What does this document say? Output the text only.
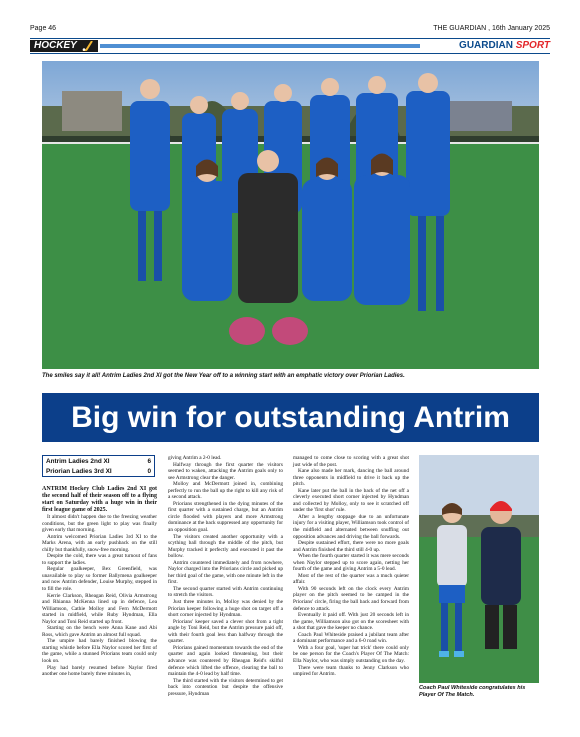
Page 46	THE GUARDIAN , 16th January 2025
HOCKEY	GUARDIAN SPORT
The smiles say it all! Antrim Ladies 2nd XI got the New Year off to a winning start with an emphatic victory over Priorian Ladies.
Big win for outstanding Antrim
Antrim Ladies 2nd XI	6
Priorian Ladies 3rd XI	0

ANTRIM Hockey Club Ladies 2nd XI got the second half of their season off to a flying start on Saturday with a huge win in their first league game of 2025.

It almost didn't happen due to the freezing weather conditions, but the green light to play was finally given early that morning.

Antrim welcomed Priorian Ladies 3rd XI to the Marks Arena, with an early pushback on the still chilly but thankfully, snow-free morning.

Despite the cold, there was a great turnout of fans to support the ladies.

Regular goalkeeper, Bex Greenfield, was unavailable to play so former Ballymena goalkeeper and now Antrim defender, Louise Murphy, stepped in to fill the role.

Kerrie Clarkson, Rheagan Reid, Olivia Armstrong and Rhianna McKenna lined up in defence, Lea Williamson, Cathie Molloy and Fern McDermott started in midfield, while Ruby Hyndman, Ella Naylor and Toni Reid started up front.

Starting on the bench were Anna Kane and Abi Ross, which gave Antrim an almost full squad.

The umpire had barely finished blowing the starting whistle before Ella Naylor scored her first of the game, while a stunned Priorians team could only look on.

Play had barely resumed before Naylor fired another one home barely three minutes in,

giving Antrim a 2-0 lead.

Halfway through the first quarter the visitors seemed to waken, attacking the Antrim goals only to see Armstrong clear the danger.

Molloy and McDermott joined in, combining perfectly to run the ball up the right to kill any risk of a second attack.

Priorians strengthened in the dying minutes of the first quarter with a sustained charge, but an Antrim circle flooded with players and more Armstrong dominance at the back suppressed any opportunity for an opposition goal.

The visitors created another opportunity with a scything ball through the middle of the pitch, but Murphy tracked it perfectly and executed it past the bollow.

Antrim countered immediately and from nowhere, Naylor charged into the Priorians circle and picked up her third goal of the game, with one minute left in the first.

The second quarter started with Antrim continuing to stretch the visitors.

Just three minutes in, Molloy was denied by the Priorian keeper following a huge shot on target off a short corner injected by Hyndman.

Priorians' keeper saved a clever shot from a tight angle by Toni Reid, but the Antrim pressure paid off, with their fourth goal less than halfway through the quarter.

Priorians gained momentum towards the end of the quarter and again looked threatening, but their advance was countered by Rheagan Reid's skilful defence which lifted the offence, clearing the ball to maintain the 4-0 lead by half time.

The third started with the visitors determined to get back into contention but despite the offensive pressure, Hyndman

managed to come close to scoring with a great shot just wide of the post.

Kane also made her mark, dancing the ball around three opponents in midfield to drive it back up the pitch.

Kane later put the ball in the back of the net off a cleverly executed short corner injected by Hyndman and collected by Molloy, only to see it scratched off under the 'first shot' rule.

After a lengthy stoppage due to an unfortunate injury for a visiting player, Williamson took control of the midfield and alternated between snuffing out opposition advances and driving the ball forwards.

Despite sustained effort, there were no more goals and Antrim finished the third still 4-0 up.

When the fourth quarter started it was mere seconds when Naylor stepped up to score again, netting her fourth of the game and giving Antrim a 5-0 lead.

Most of the rest of the quarter was a much quieter affair.

With 90 seconds left on the clock every Antrim player on the pitch seemed to be camped in the Priorians' circle, firing the ball back and forward from defence to attack.

Eventually it paid off. With just 20 seconds left in the game, Williamson also got on the scoresheet with a shot that gave the keeper no chance.

Coach Paul Whiteside praised a jubilant team after a dominant performance and a 6-0 road win.

With a four goal, 'super hat trick' there could only be one person for the Coach's Player Of The Match: Ella Naylor, who was simply outstanding on the day.

There were team thanks to Jenny Clarkson who umpired for Antrim.

Coach Paul Whiteside congratulates his Player Of The Match.
